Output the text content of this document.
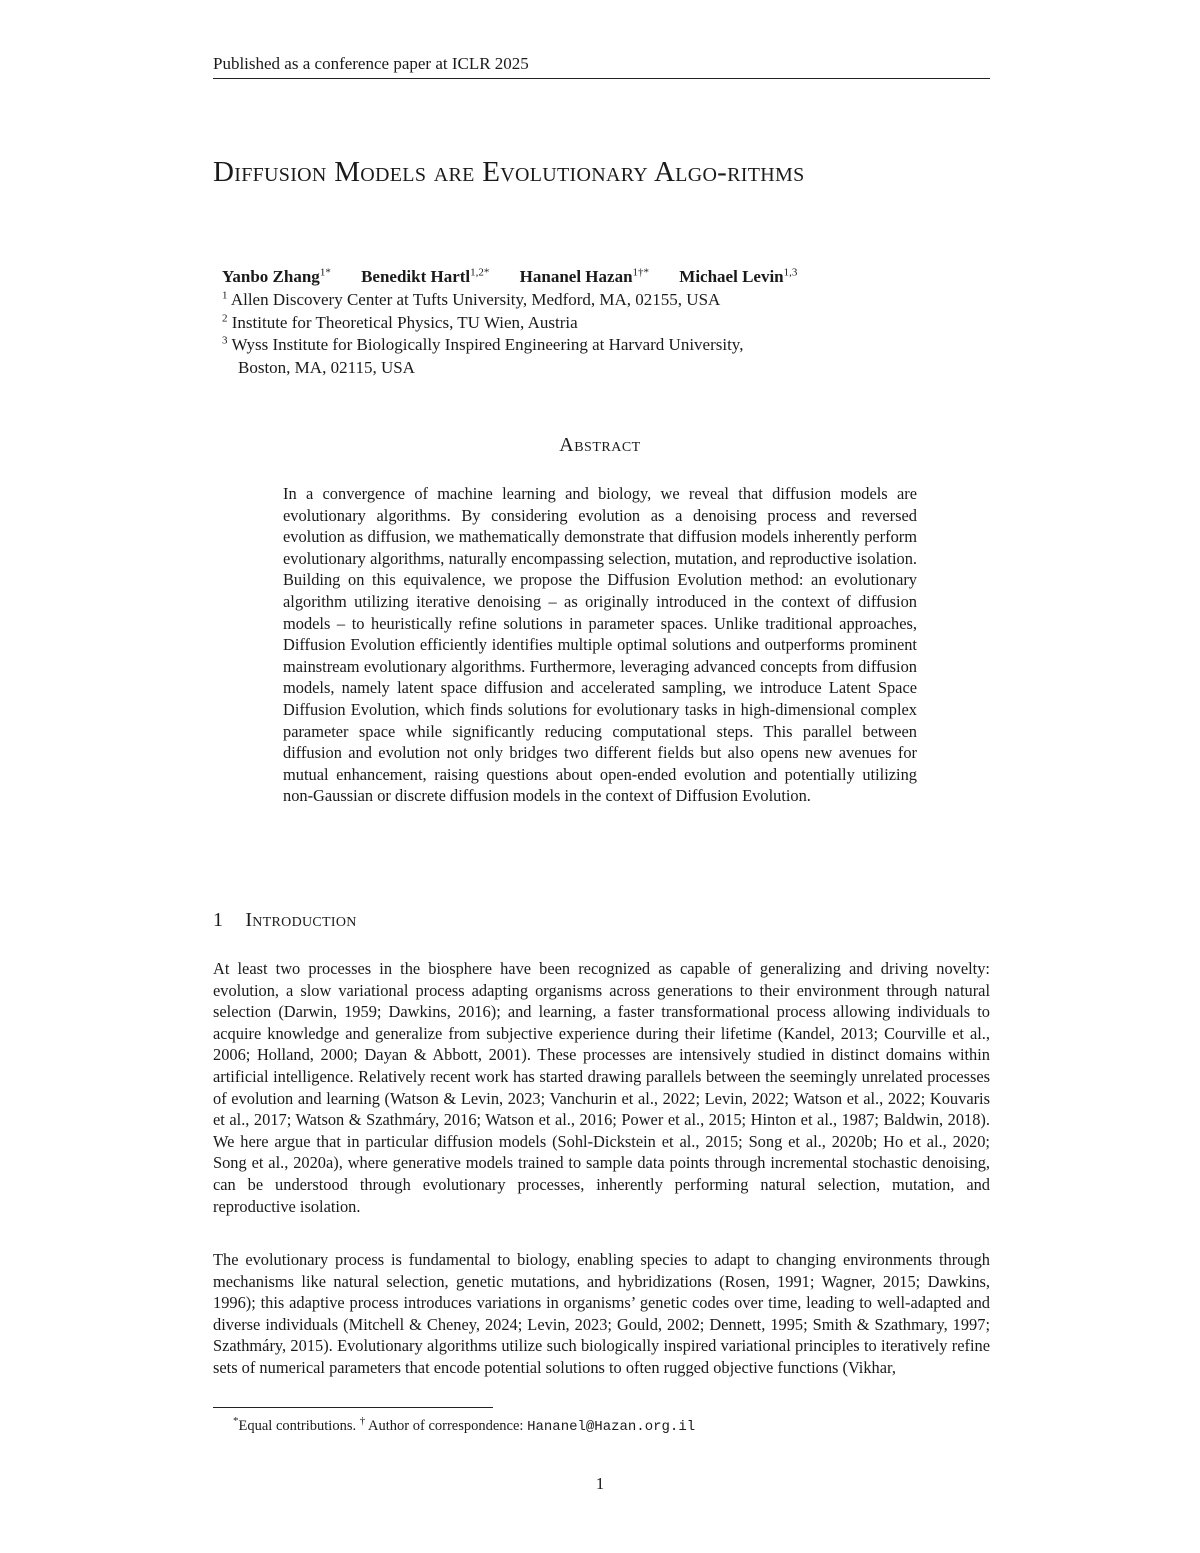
Published as a conference paper at ICLR 2025
Diffusion Models are Evolutionary Algo-rithms
Yanbo Zhang$^{1*}$ Benedikt Hartl$^{1,2*}$ Hananel Hazan$^{1\dagger*}$ Michael Levin$^{1,3}$
$^1$ Allen Discovery Center at Tufts University, Medford, MA, 02155, USA
$^2$ Institute for Theoretical Physics, TU Wien, Austria
$^3$ Wyss Institute for Biologically Inspired Engineering at Harvard University,
Boston, MA, 02115, USA
Abstract

In a convergence of machine learning and biology, we reveal that diffusion models are evolutionary algorithms. By considering evolution as a denoising process and reversed evolution as diffusion, we mathematically demonstrate that diffusion models inherently perform evolutionary algorithms, naturally encompassing selection, mutation, and reproductive isolation. Building on this equivalence, we propose the Diffusion Evolution method: an evolutionary algorithm utilizing iterative denoising – as originally introduced in the context of diffusion models – to heuristically refine solutions in parameter spaces. Unlike traditional approaches, Diffusion Evolution efficiently identifies multiple optimal solutions and outperforms prominent mainstream evolutionary algorithms. Furthermore, leveraging advanced concepts from diffusion models, namely latent space diffusion and accelerated sampling, we introduce Latent Space Diffusion Evolution, which finds solutions for evolutionary tasks in high-dimensional complex parameter space while significantly reducing computational steps. This parallel between diffusion and evolution not only bridges two different fields but also opens new avenues for mutual enhancement, raising questions about open-ended evolution and potentially utilizing non-Gaussian or discrete diffusion models in the context of Diffusion Evolution.

1 Introduction

At least two processes in the biosphere have been recognized as capable of generalizing and driving novelty: evolution, a slow variational process adapting organisms across generations to their environment through natural selection (Darwin, 1959; Dawkins, 2016); and learning, a faster transformational process allowing individuals to acquire knowledge and generalize from subjective experience during their lifetime (Kandel, 2013; Courville et al., 2006; Holland, 2000; Dayan & Abbott, 2001). These processes are intensively studied in distinct domains within artificial intelligence. Relatively recent work has started drawing parallels between the seemingly unrelated processes of evolution and learning (Watson & Levin, 2023; Vanchurin et al., 2022; Levin, 2022; Watson et al., 2022; Kouvaris et al., 2017; Watson & Szathmáry, 2016; Watson et al., 2016; Power et al., 2015; Hinton et al., 1987; Baldwin, 2018). We here argue that in particular diffusion models (Sohl-Dickstein et al., 2015; Song et al., 2020b; Ho et al., 2020; Song et al., 2020a), where generative models trained to sample data points through incremental stochastic denoising, can be understood through evolutionary processes, inherently performing natural selection, mutation, and reproductive isolation.

The evolutionary process is fundamental to biology, enabling species to adapt to changing environments through mechanisms like natural selection, genetic mutations, and hybridizations (Rosen, 1991; Wagner, 2015; Dawkins, 1996); this adaptive process introduces variations in organisms’ genetic codes over time, leading to well-adapted and diverse individuals (Mitchell & Cheney, 2024; Levin, 2023; Gould, 2002; Dennett, 1995; Smith & Szathmary, 1997; Szathmáry, 2015). Evolutionary algorithms utilize such biologically inspired variational principles to iteratively refine sets of numerical parameters that encode potential solutions to often rugged objective functions (Vikhar,

*Equal contributions. † Author of correspondence: Hananel@Hazan.org.il
1
